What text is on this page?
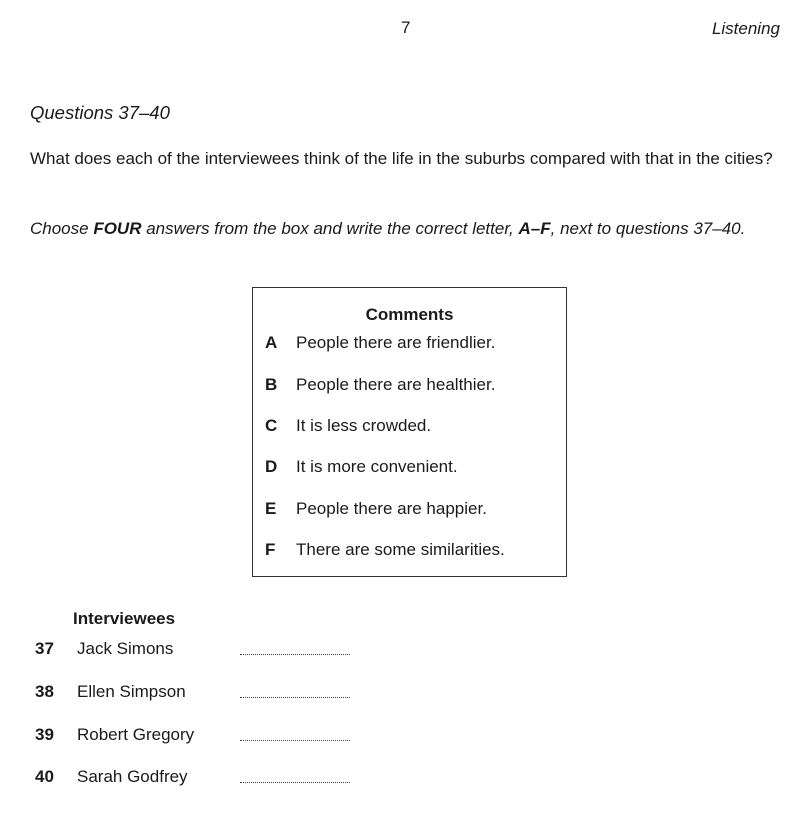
7	Listening
Questions 37–40
What does each of the interviewees think of the life in the suburbs compared with that in the cities?
Choose FOUR answers from the box and write the correct letter, A–F, next to questions 37–40.
Comments
A People there are friendlier.
B People there are healthier.
C It is less crowded.
D It is more convenient.
E People there are happier.
F There are some similarities.
Interviewees
37 Jack Simons
38 Ellen Simpson
39 Robert Gregory
40 Sarah Godfrey
